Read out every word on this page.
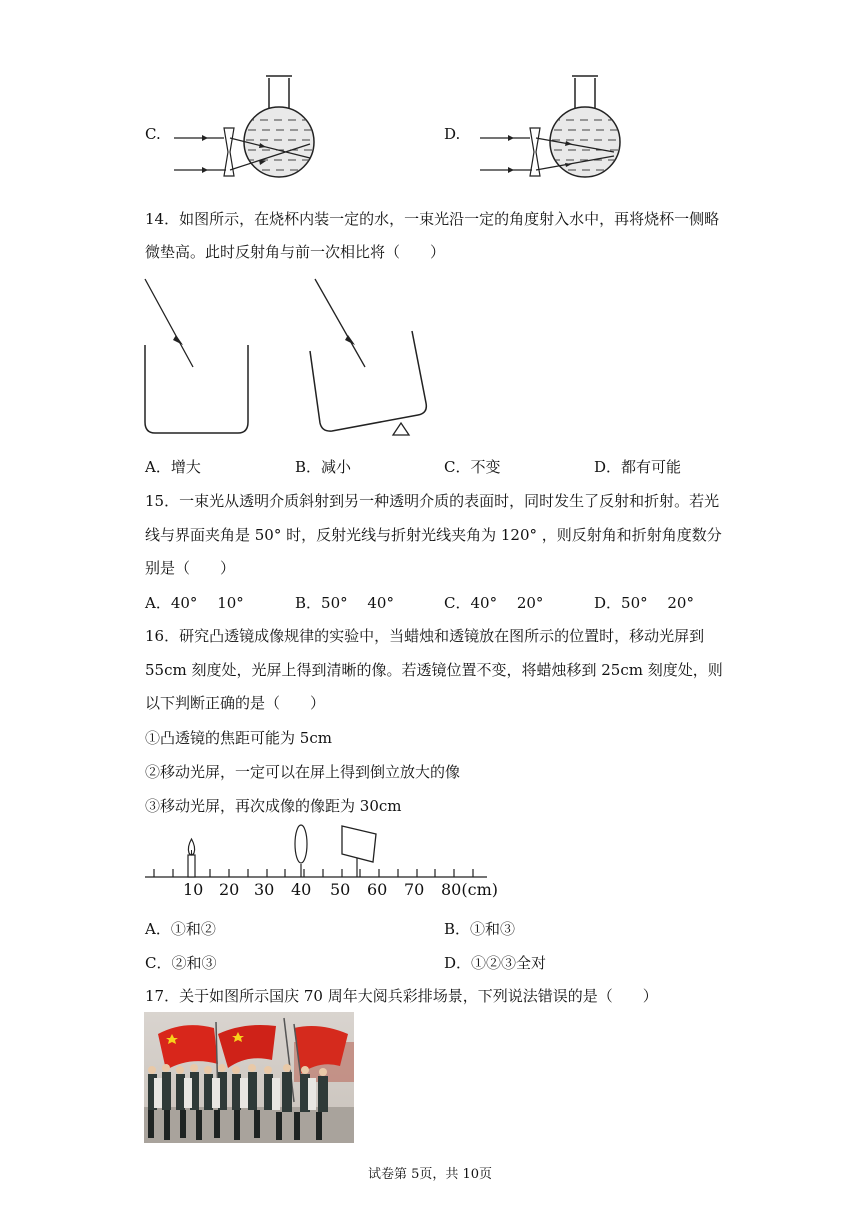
C.	D.
14．如图所示，在烧杯内装一定的水，一束光沿一定的角度射入水中，再将烧杯一侧略
微垫高。此时反射角与前一次相比将（　　）
A．增大	B．减小	C．不变	D．都有可能
15．一束光从透明介质斜射到另一种透明介质的表面时，同时发生了反射和折射。若光
线与界面夹角是 50° 时，反射光线与折射光线夹角为 120° ，则反射角和折射角度数分
别是（　　）
A．40°　 10°	B．50°　 40°	C．40°　 20°	D．50°　 20°
16．研究凸透镜成像规律的实验中，当蜡烛和透镜放在图所示的位置时，移动光屏到
55cm 刻度处，光屏上得到清晰的像。若透镜位置不变，将蜡烛移到 25cm 刻度处，则
以下判断正确的是（　　）
①凸透镜的焦距可能为 5cm
②移动光屏，一定可以在屏上得到倒立放大的像
③移动光屏，再次成像的像距为 30cm
10 20 30 40 50 60 70 80(cm)
A．①和②	B．①和③
C．②和③	D．①②③全对
17．关于如图所示国庆 70 周年大阅兵彩排场景，下列说法错误的是（　　）
试卷第 5页，共 10页
